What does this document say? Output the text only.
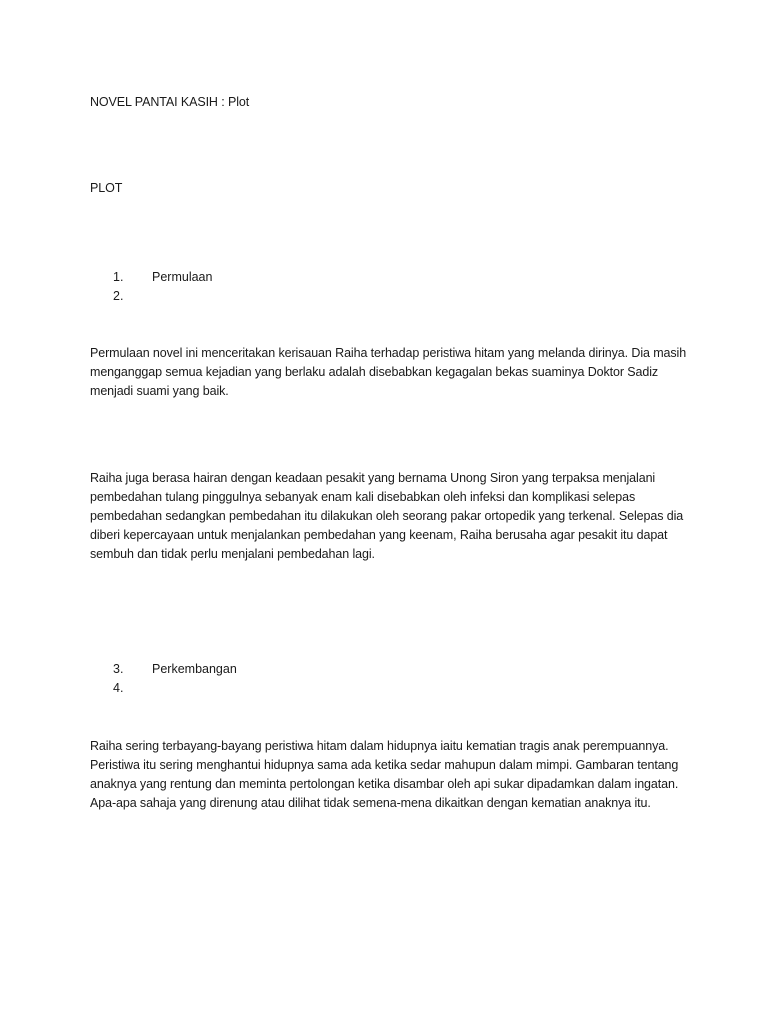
NOVEL PANTAI KASIH : Plot

PLOT

1. Permulaan
2.

Permulaan novel ini menceritakan kerisauan Raiha terhadap peristiwa hitam yang melanda dirinya. Dia masih menganggap semua kejadian yang berlaku adalah disebabkan kegagalan bekas suaminya Doktor Sadiz menjadi suami yang baik.

Raiha juga berasa hairan dengan keadaan pesakit yang bernama Unong Siron yang terpaksa menjalani pembedahan tulang pinggulnya sebanyak enam kali disebabkan oleh infeksi dan komplikasi selepas pembedahan sedangkan pembedahan itu dilakukan oleh seorang pakar ortopedik yang terkenal. Selepas dia diberi kepercayaan untuk menjalankan pembedahan yang keenam, Raiha berusaha agar pesakit itu dapat sembuh dan tidak perlu menjalani pembedahan lagi.

3. Perkembangan
4.

Raiha sering terbayang-bayang peristiwa hitam dalam hidupnya iaitu kematian tragis anak perempuannya. Peristiwa itu sering menghantui hidupnya sama ada ketika sedar mahupun dalam mimpi. Gambaran tentang anaknya yang rentung dan meminta pertolongan ketika disambar oleh api sukar dipadamkan dalam ingatan. Apa-apa sahaja yang direnung atau dilihat tidak semena-mena dikaitkan dengan kematian anaknya itu.
